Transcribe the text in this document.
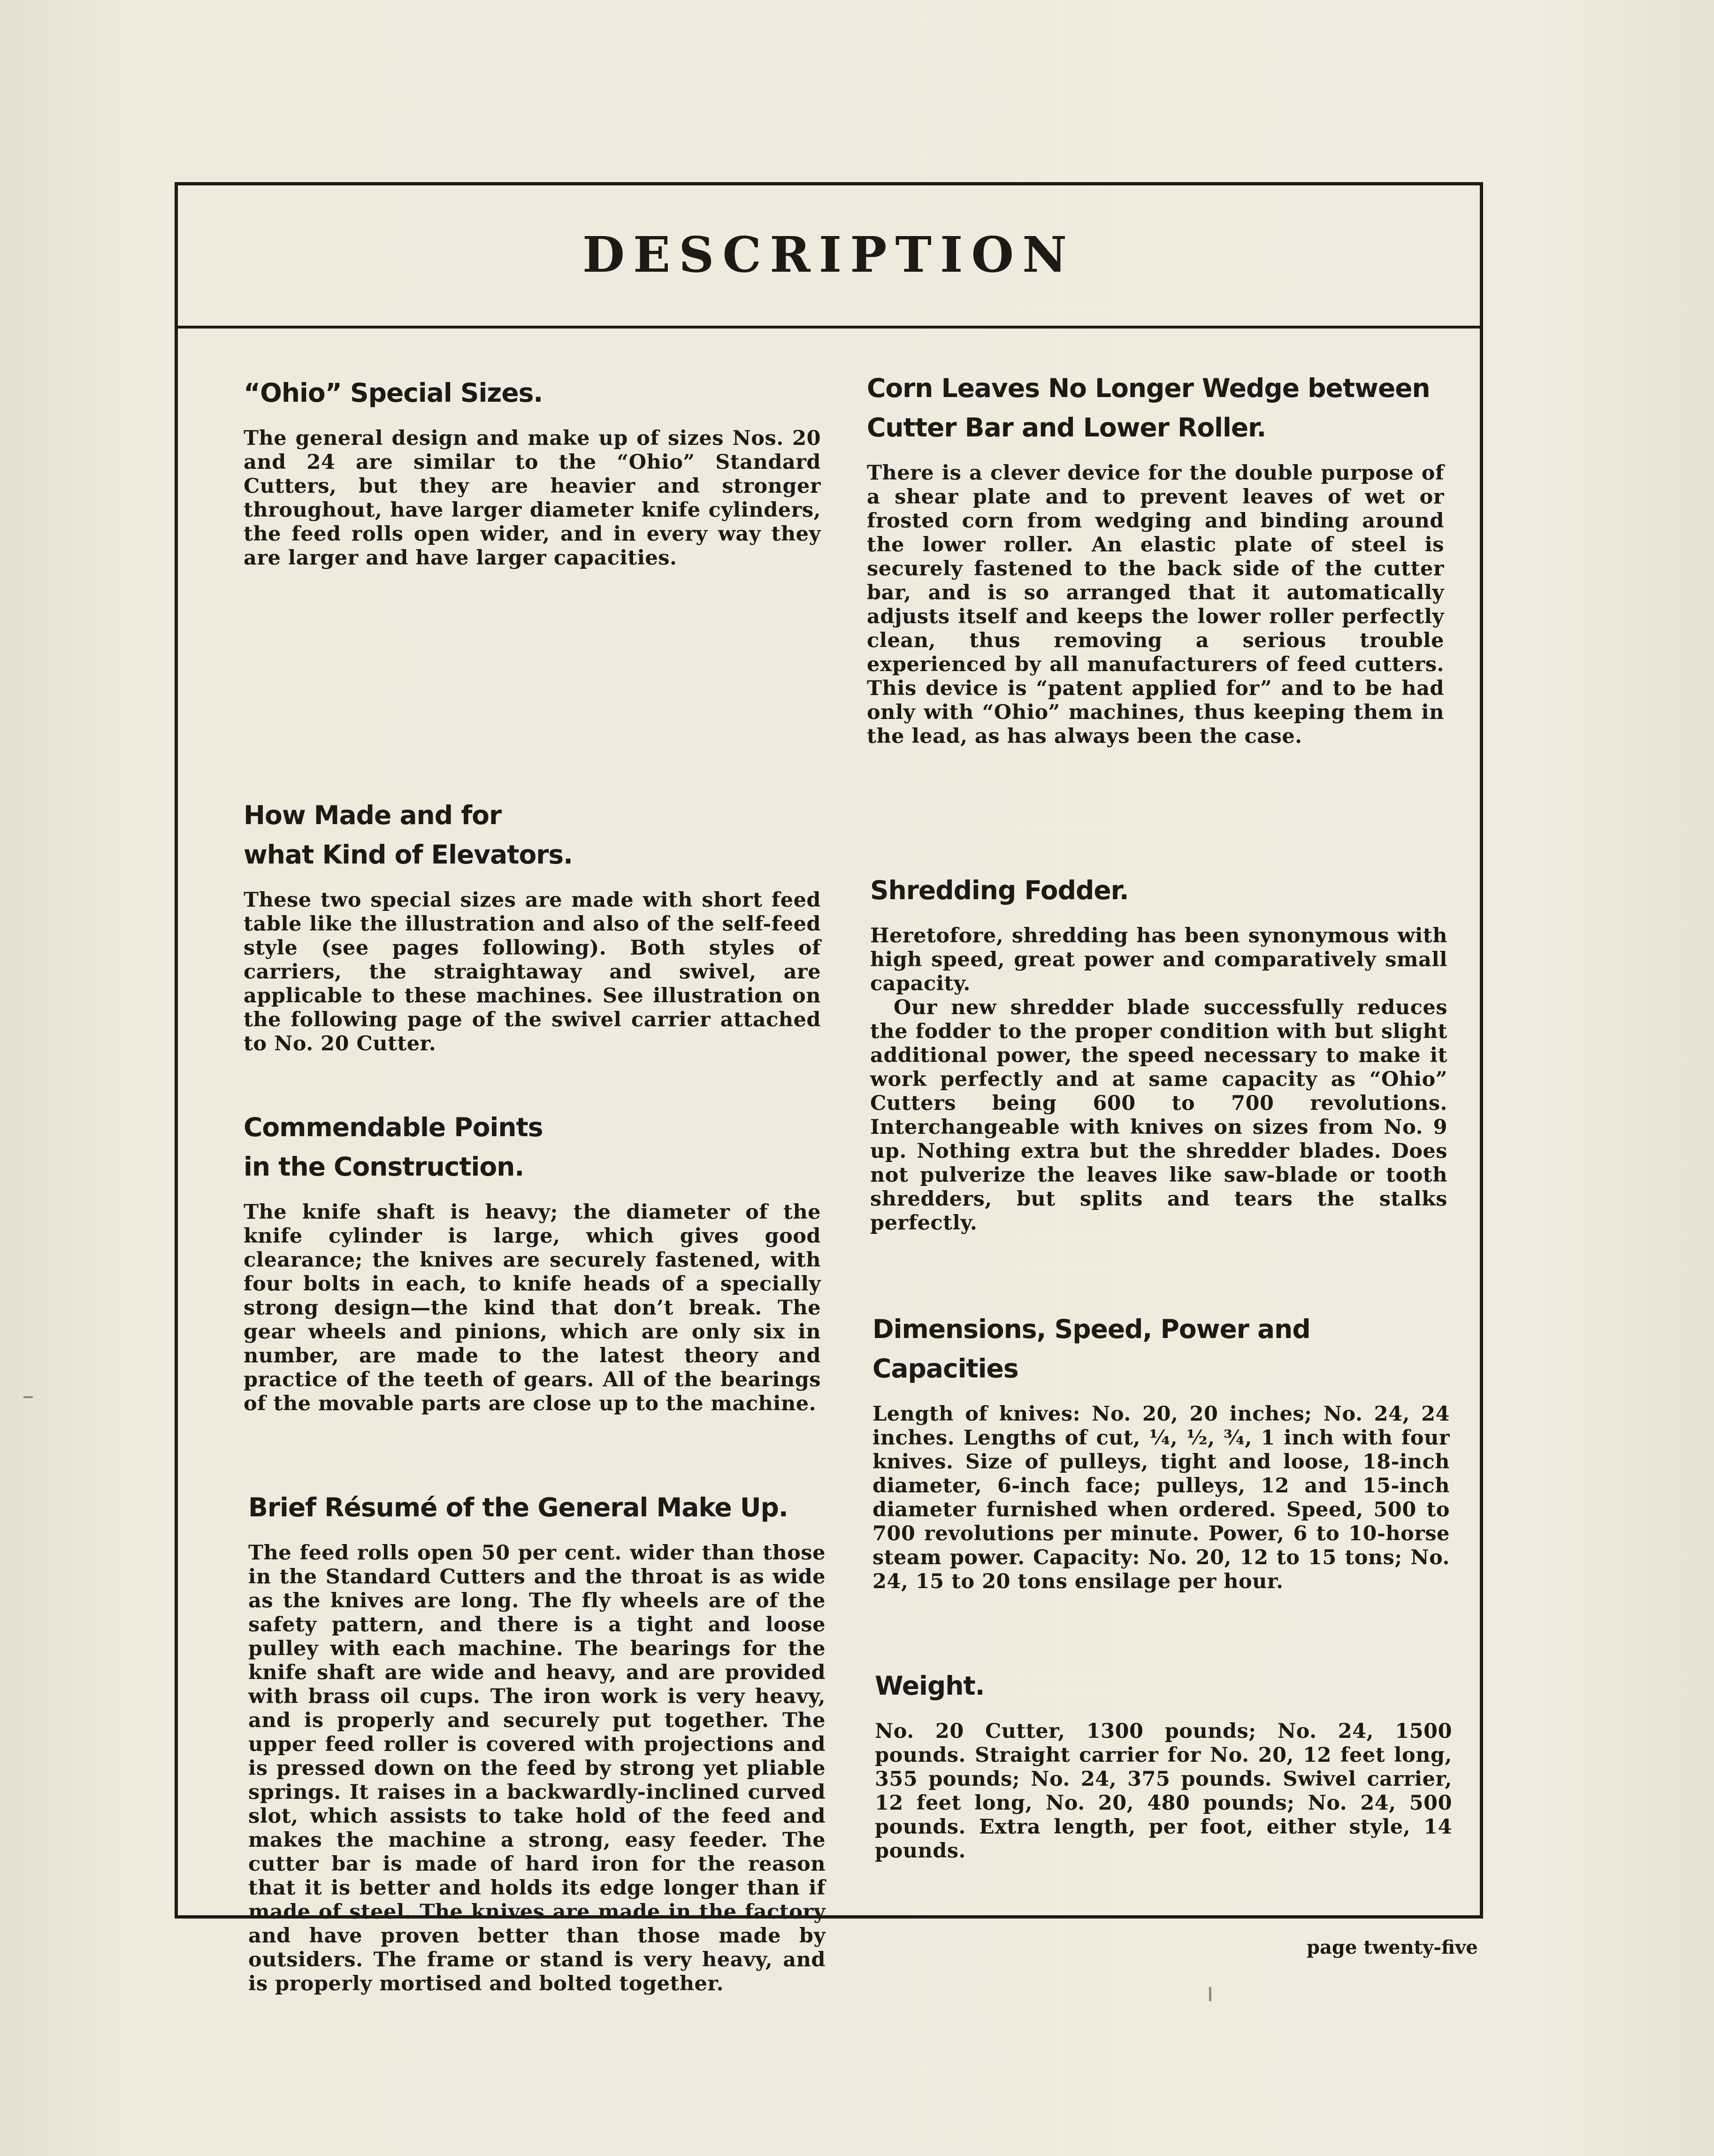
DESCRIPTION
“Ohio” Special Sizes.

The general design and make up of sizes Nos. 20 and 24 are similar to the “Ohio” Standard Cutters, but they are heavier and stronger throughout, have larger diameter knife cylinders, the feed rolls open wider, and in every way they are larger and have larger capacities.

How Made and for
what Kind of Elevators.

These two special sizes are made with short feed table like the illustration and also of the self-feed style (see pages following). Both styles of carriers, the straightaway and swivel, are applicable to these machines. See illustration on the following page of the swivel carrier attached to No. 20 Cutter.

Commendable Points
in the Construction.

The knife shaft is heavy; the diameter of the knife cylinder is large, which gives good clearance; the knives are securely fastened, with four bolts in each, to knife heads of a specially strong design—the kind that don’t break. The gear wheels and pinions, which are only six in number, are made to the latest theory and practice of the teeth of gears. All of the bearings of the movable parts are close up to the machine.

Brief Résumé of the General Make Up.

The feed rolls open 50 per cent. wider than those in the Standard Cutters and the throat is as wide as the knives are long. The fly wheels are of the safety pattern, and there is a tight and loose pulley with each machine. The bearings for the knife shaft are wide and heavy, and are provided with brass oil cups. The iron work is very heavy, and is properly and securely put together. The upper feed roller is covered with projections and is pressed down on the feed by strong yet pliable springs. It raises in a backwardly-inclined curved slot, which assists to take hold of the feed and makes the machine a strong, easy feeder. The cutter bar is made of hard iron for the reason that it is better and holds its edge longer than if made of steel. The knives are made in the factory and have proven better than those made by outsiders. The frame or stand is very heavy, and is properly mortised and bolted together.

Corn Leaves No Longer Wedge between
Cutter Bar and Lower Roller.

There is a clever device for the double purpose of a shear plate and to prevent leaves of wet or frosted corn from wedging and binding around the lower roller. An elastic plate of steel is securely fastened to the back side of the cutter bar, and is so arranged that it automatically adjusts itself and keeps the lower roller perfectly clean, thus removing a serious trouble experienced by all manufacturers of feed cutters. This device is “patent applied for” and to be had only with “Ohio” machines, thus keeping them in the lead, as has always been the case.

Shredding Fodder.

Heretofore, shredding has been synonymous with high speed, great power and comparatively small capacity.

Our new shredder blade successfully reduces the fodder to the proper condition with but slight additional power, the speed necessary to make it work perfectly and at same capacity as “Ohio” Cutters being 600 to 700 revolutions. Interchangeable with knives on sizes from No. 9 up. Nothing extra but the shredder blades. Does not pulverize the leaves like saw-blade or tooth shredders, but splits and tears the stalks perfectly.

Dimensions, Speed, Power and Capacities

Length of knives: No. 20, 20 inches; No. 24, 24 inches. Lengths of cut, ¼, ½, ¾, 1 inch with four knives. Size of pulleys, tight and loose, 18-inch diameter, 6-inch face; pulleys, 12 and 15-inch diameter furnished when ordered. Speed, 500 to 700 revolutions per minute. Power, 6 to 10-horse steam power. Capacity: No. 20, 12 to 15 tons; No. 24, 15 to 20 tons ensilage per hour.

Weight.

No. 20 Cutter, 1300 pounds; No. 24, 1500 pounds. Straight carrier for No. 20, 12 feet long, 355 pounds; No. 24, 375 pounds. Swivel carrier, 12 feet long, No. 20, 480 pounds; No. 24, 500 pounds. Extra length, per foot, either style, 14 pounds.

page twenty-five
